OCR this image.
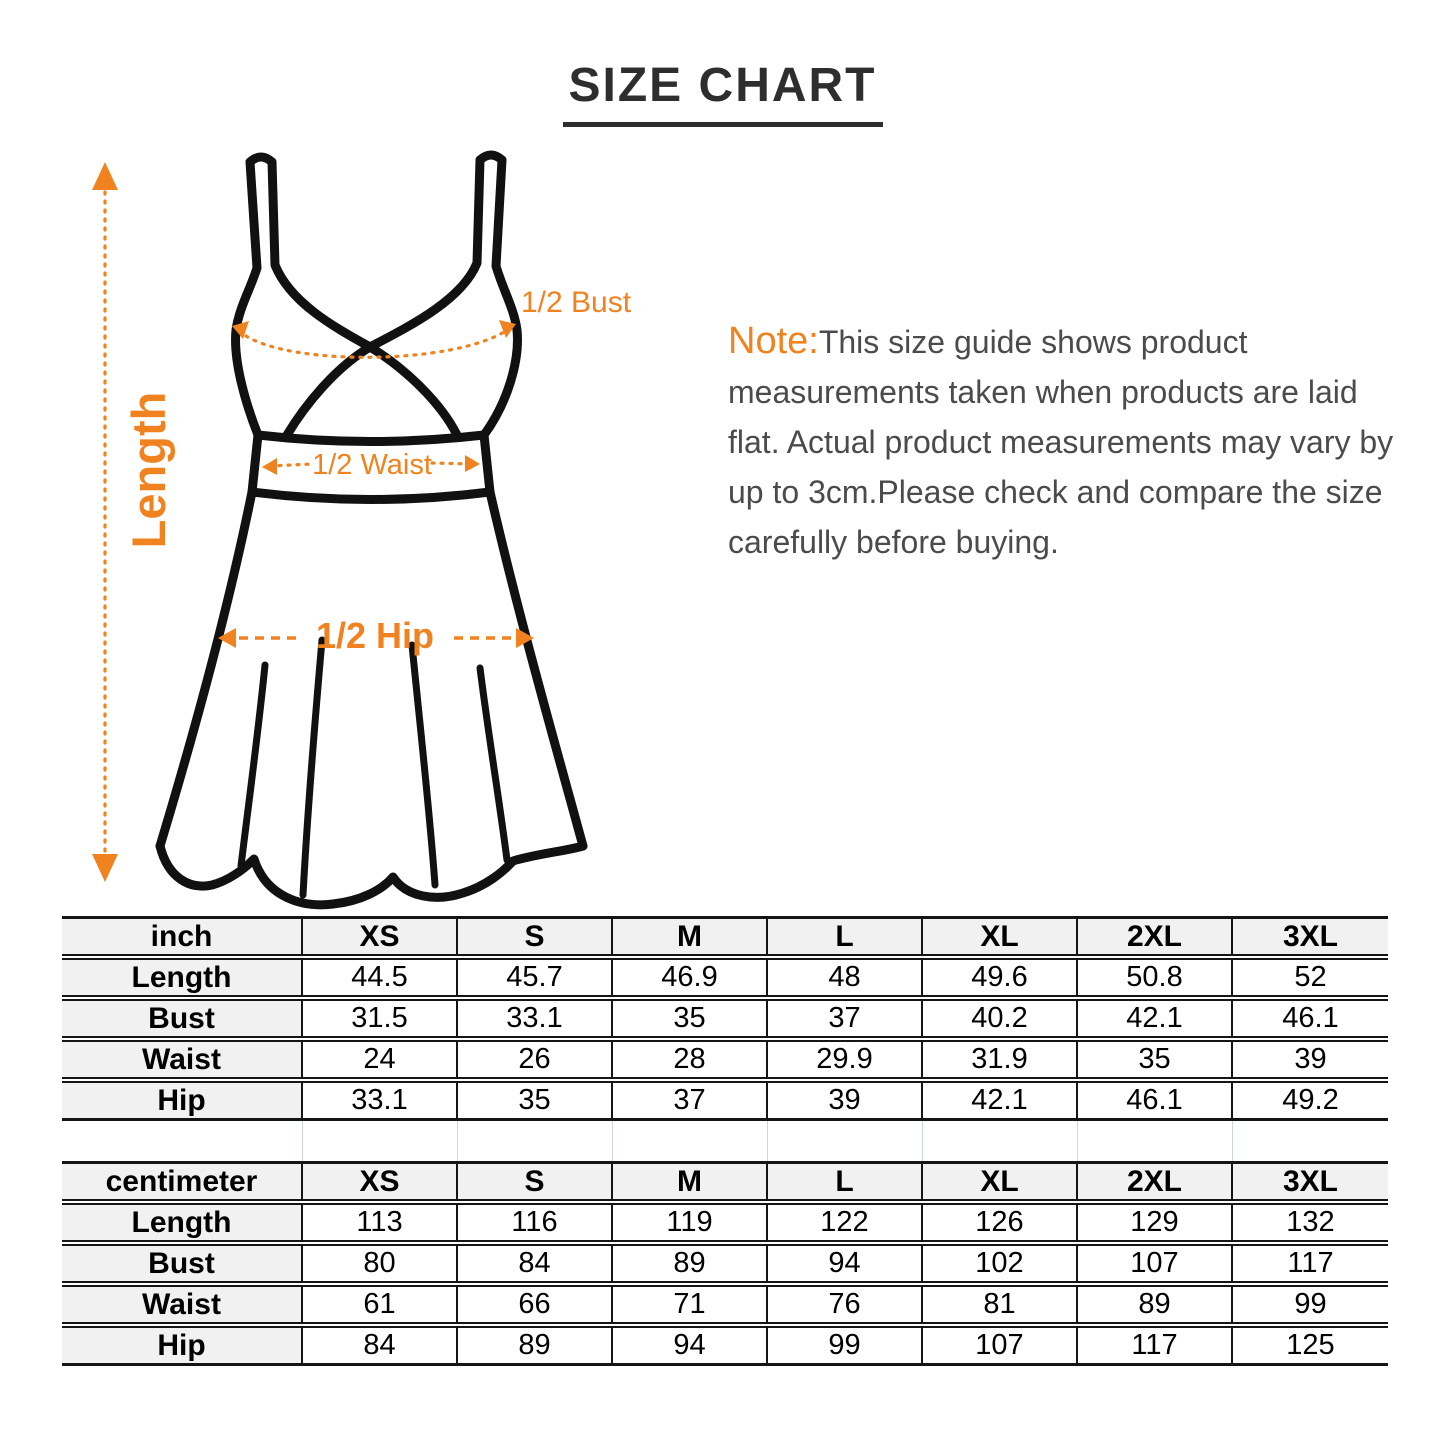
SIZE CHART
Length
1/2 Bust
1/2 Waist
1/2 Hip
Note:This size guide shows product measurements taken when products are laid flat. Actual product measurements may vary by up to 3cm.Please check and compare the size carefully before buying.
inch	XS	S	M	L	XL	2XL	3XL
Length	44.5	45.7	46.9	48	49.6	50.8	52
Bust	31.5	33.1	35	37	40.2	42.1	46.1
Waist	24	26	28	29.9	31.9	35	39
Hip	33.1	35	37	39	42.1	46.1	49.2
centimeter	XS	S	M	L	XL	2XL	3XL
Length	113	116	119	122	126	129	132
Bust	80	84	89	94	102	107	117
Waist	61	66	71	76	81	89	99
Hip	84	89	94	99	107	117	125
